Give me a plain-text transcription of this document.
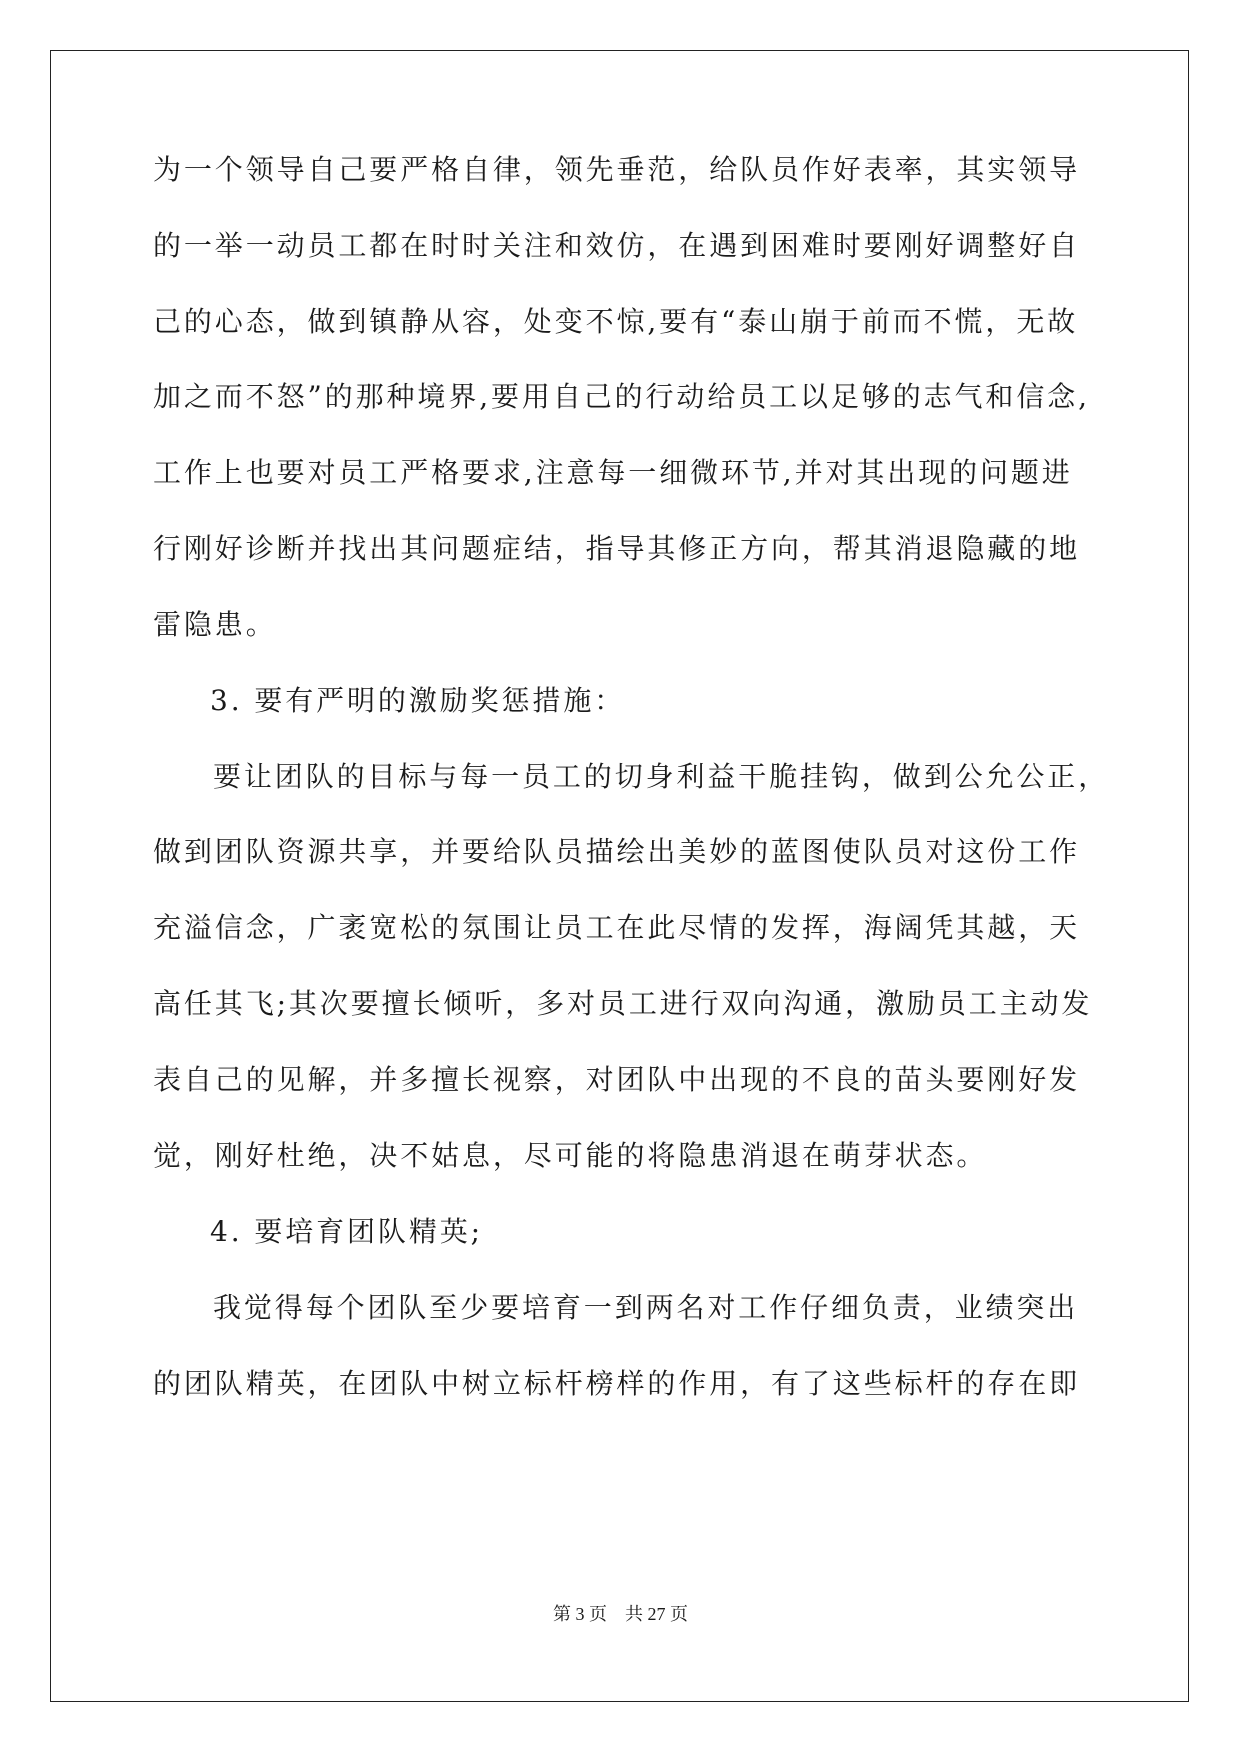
为一个领导自己要严格自律，领先垂范，给队员作好表率，其实领导
的一举一动员工都在时时关注和效仿，在遇到困难时要刚好调整好自
己的心态，做到镇静从容，处变不惊,要有“泰山崩于前而不慌，无故
加之而不怒”的那种境界,要用自己的行动给员工以足够的志气和信念,
工作上也要对员工严格要求,注意每一细微环节,并对其出现的问题进
行刚好诊断并找出其问题症结，指导其修正方向，帮其消退隐藏的地
雷隐患。
3. 要有严明的激励奖惩措施：
要让团队的目标与每一员工的切身利益干脆挂钩，做到公允公正，
做到团队资源共享，并要给队员描绘出美妙的蓝图使队员对这份工作
充溢信念，广袤宽松的氛围让员工在此尽情的发挥，海阔凭其越，天
高任其飞;其次要擅长倾听，多对员工进行双向沟通，激励员工主动发
表自己的见解，并多擅长视察，对团队中出现的不良的苗头要刚好发
觉，刚好杜绝，决不姑息，尽可能的将隐患消退在萌芽状态。
4. 要培育团队精英;
我觉得每个团队至少要培育一到两名对工作仔细负责，业绩突出
的团队精英，在团队中树立标杆榜样的作用，有了这些标杆的存在即
第 3 页 共 27 页
